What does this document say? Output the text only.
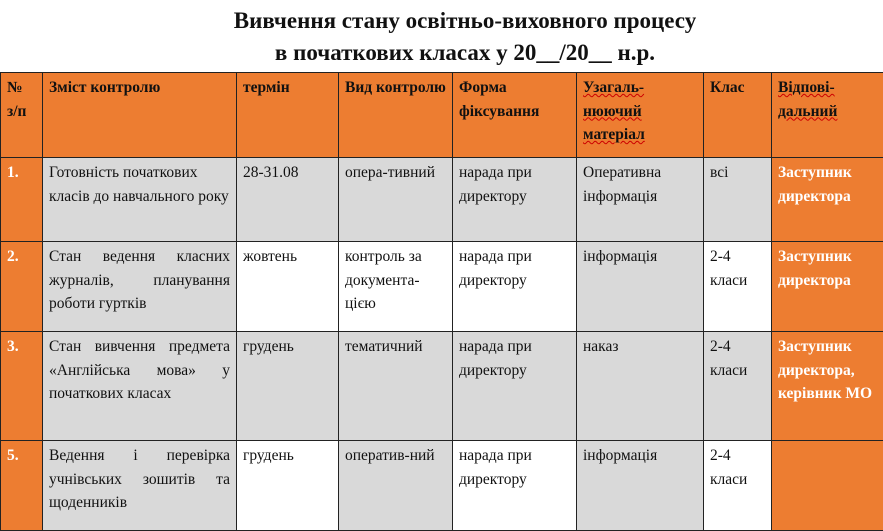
Вивчення стану освітньо-виховного процесу
в початкових класах у 20__/20__ н.р.
№ з/п	Зміст контролю	термін	Вид контролю	Форма фіксування	Узагаль-нюючий матеріал	Клас	Відпові-дальний
1.	Готовність початкових класів до навчального року	28-31.08	опера-тивний	нарада при директору	Оперативна інформація	всі	Заступник директора
2.	Стан ведення класних журналів, планування роботи гуртків	жовтень	контроль за документа-цією	нарада при директору	інформація	2-4 класи	Заступник директора
3.	Стан вивчення предмета «Англійська мова» у початкових класах	грудень	тематичний	нарада при директору	наказ	2-4 класи	Заступник директора, керівник МО
5.	Ведення і перевірка учнівських зошитів та щоденників	грудень	оператив-ний	нарада при директору	інформація	2-4 класи	
